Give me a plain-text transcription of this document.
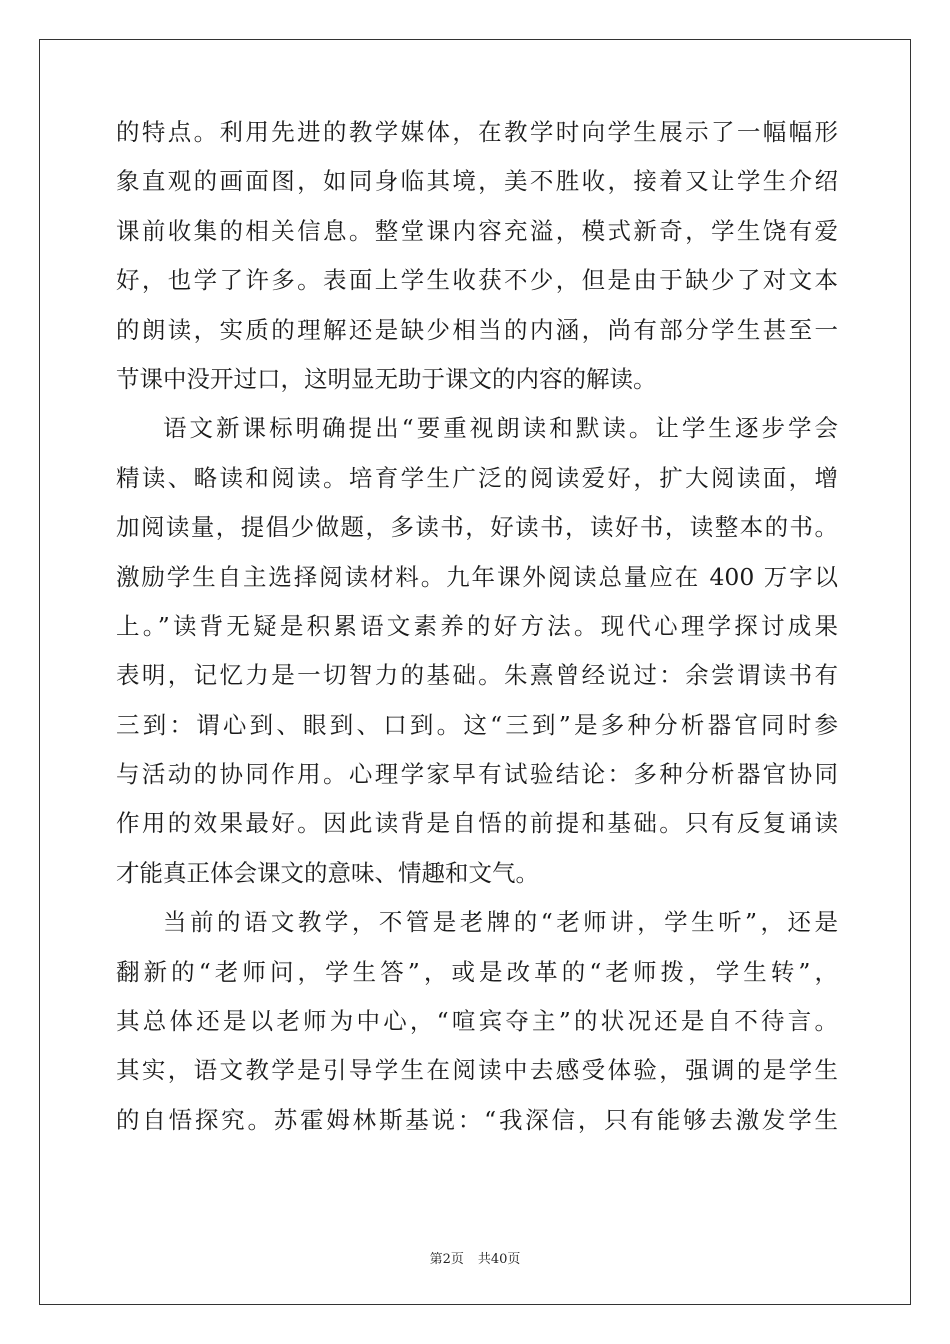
的特点。利用先进的教学媒体，在教学时向学生展示了一幅幅形
象直观的画面图，如同身临其境，美不胜收，接着又让学生介绍
课前收集的相关信息。整堂课内容充溢，模式新奇，学生饶有爱
好，也学了许多。表面上学生收获不少，但是由于缺少了对文本
的朗读，实质的理解还是缺少相当的内涵，尚有部分学生甚至一
节课中没开过口，这明显无助于课文的内容的解读。
语文新课标明确提出“要重视朗读和默读。让学生逐步学会
精读、略读和阅读。培育学生广泛的阅读爱好，扩大阅读面，增
加阅读量，提倡少做题，多读书，好读书，读好书，读整本的书。
激励学生自主选择阅读材料。九年课外阅读总量应在 400 万字以
上。”读背无疑是积累语文素养的好方法。现代心理学探讨成果
表明，记忆力是一切智力的基础。朱熹曾经说过：余尝谓读书有
三到：谓心到、眼到、口到。这“三到”是多种分析器官同时参
与活动的协同作用。心理学家早有试验结论：多种分析器官协同
作用的效果最好。因此读背是自悟的前提和基础。只有反复诵读
才能真正体会课文的意味、情趣和文气。
当前的语文教学，不管是老牌的“老师讲，学生听”，还是
翻新的“老师问，学生答”，或是改革的“老师拨，学生转”，
其总体还是以老师为中心，“喧宾夺主”的状况还是自不待言。
其实，语文教学是引导学生在阅读中去感受体验，强调的是学生
的自悟探究。苏霍姆林斯基说：“我深信，只有能够去激发学生
第2页 共40页
